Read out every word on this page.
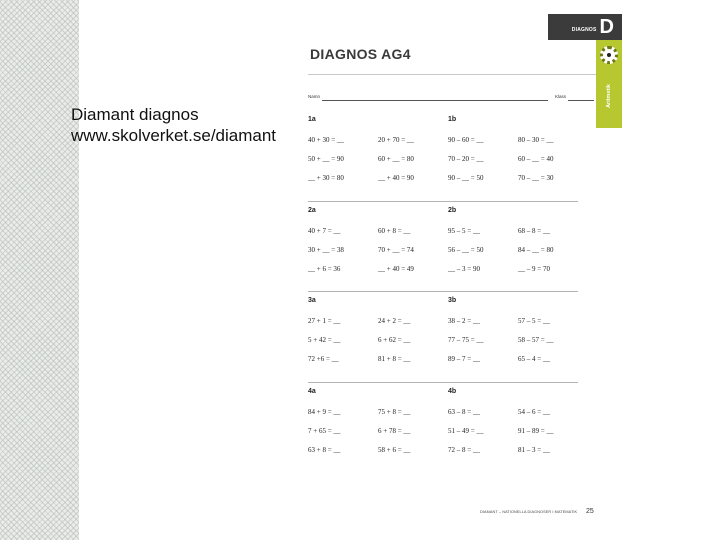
Diamant diagnos
www.skolverket.se/diamant
DIAGNOS D
Aritmetik
DIAGNOS AG4
Namn	Klass
1a	1b
40 + 30 = __	20 + 70 = __	90 – 60 = __	80 – 30 = __
50 + __ = 90	60 + __ = 80	70 – 20 = __	60 – __ = 40
__ + 30 = 80	__ + 40 = 90	90 – __ = 50	70 – __ = 30
2a	2b
40 + 7 = __	60 + 8 = __	95 – 5 = __	68 – 8 = __
30 + __ = 38	70 + __ = 74	56 – __ = 50	84 – __ = 80
__ + 6 = 36	__ + 40 = 49	__ – 3 = 90	__ – 9 = 70
3a	3b
27 + 1 = __	24 + 2 = __	38 – 2 = __	57 – 5 = __
5 + 42 = __	6 + 62 = __	77 – 75 = __	58 – 57 = __
72 +6 = __	81 + 8 = __	89 – 7 = __	65 – 4 = __
4a	4b
84 + 9 = __	75 + 8 = __	63 – 8 = __	54 – 6 = __
7 + 65 = __	6 + 78 = __	51 – 49 = __	91 – 89 = __
63 + 8 = __	58 + 6 = __	72 – 8 = __	81 – 3 = __
DIAMANT – NATIONELLA DIAGNOSER I MATEMATIK 25
